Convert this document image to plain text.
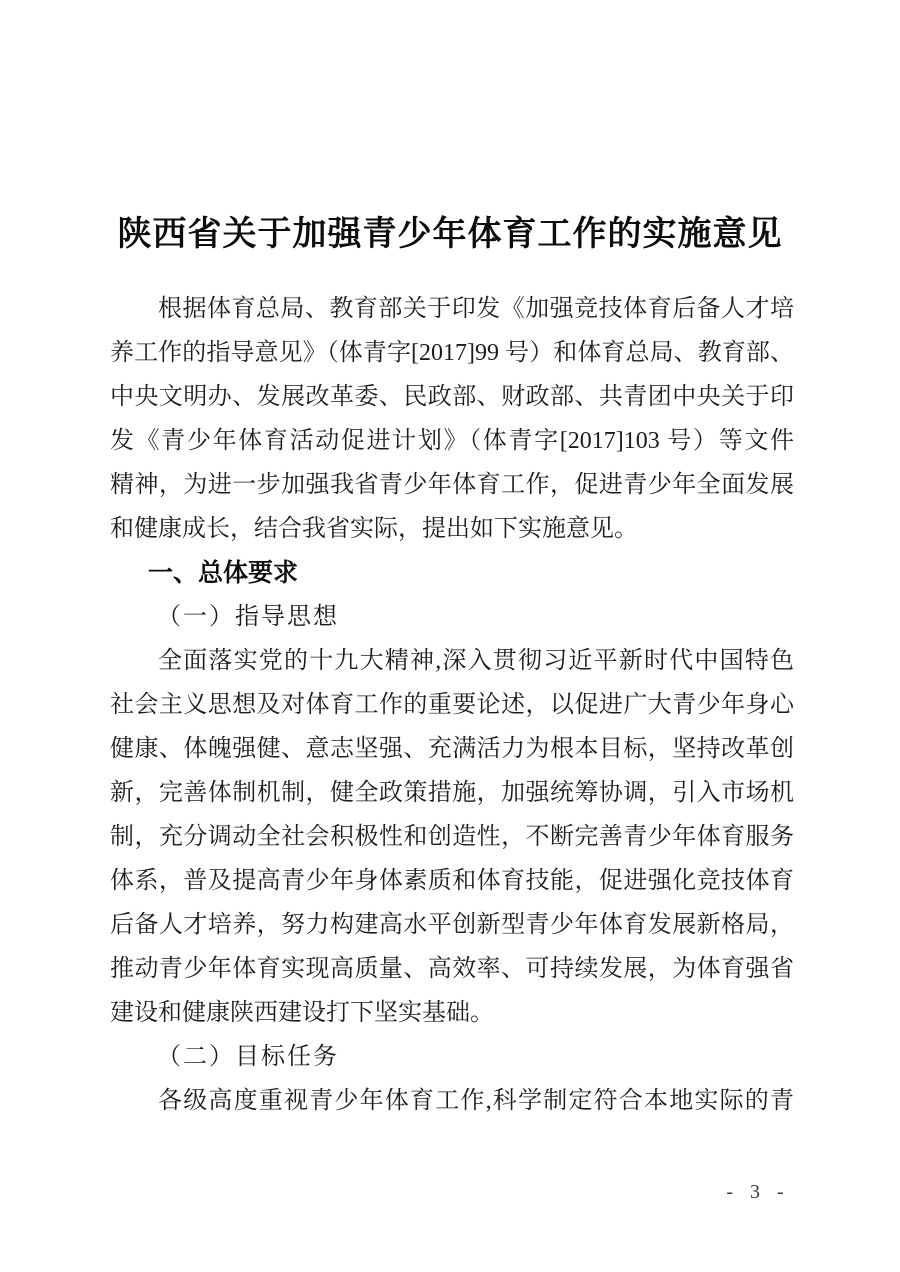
陕西省关于加强青少年体育工作的实施意见
根据体育总局、教育部关于印发《加强竞技体育后备人才培
养工作的指导意见》（体青字[2017]99 号）和体育总局、教育部、
中央文明办、发展改革委、民政部、财政部、共青团中央关于印
发《青少年体育活动促进计划》（体青字[2017]103 号）等文件
精神，为进一步加强我省青少年体育工作，促进青少年全面发展
和健康成长，结合我省实际，提出如下实施意见。
一、总体要求
（一）指导思想
全面落实党的十九大精神,深入贯彻习近平新时代中国特色
社会主义思想及对体育工作的重要论述，以促进广大青少年身心
健康、体魄强健、意志坚强、充满活力为根本目标，坚持改革创
新，完善体制机制，健全政策措施，加强统筹协调，引入市场机
制，充分调动全社会积极性和创造性，不断完善青少年体育服务
体系，普及提高青少年身体素质和体育技能，促进强化竞技体育
后备人才培养，努力构建高水平创新型青少年体育发展新格局，
推动青少年体育实现高质量、高效率、可持续发展，为体育强省
建设和健康陕西建设打下坚实基础。
（二）目标任务
各级高度重视青少年体育工作,科学制定符合本地实际的青
- 3 -
